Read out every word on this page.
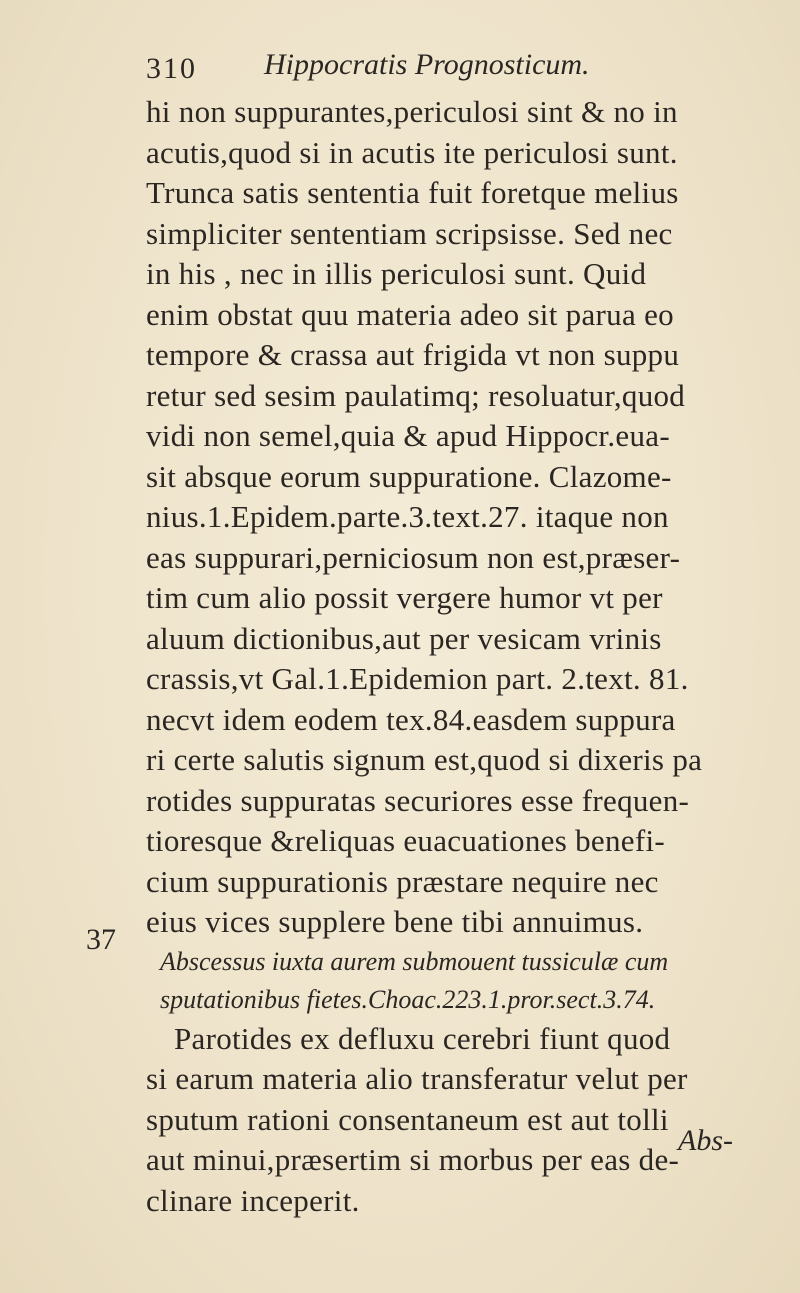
310 Hippocratis Prognosticum.
hi non suppurantes,periculosi sint & no in
acutis,quod si in acutis ite periculosi sunt.
Trunca satis sententia fuit foretque melius
simpliciter sententiam scripsisse. Sed nec
in his , nec in illis periculosi sunt. Quid
enim obstat quu materia adeo sit parua eo
tempore & crassa aut frigida vt non suppu
retur sed sesim paulatimq; resoluatur,quod
vidi non semel,quia & apud Hippocr.eua-
sit absque eorum suppuratione. Clazome-
nius.1.Epidem.parte.3.text.27. itaque non
eas suppurari,perniciosum non est,præser-
tim cum alio possit vergere humor vt per
aluum dictionibus,aut per vesicam vrinis
crassis,vt Gal.1.Epidemion part. 2.text. 81.
necvt idem eodem tex.84.easdem suppura
ri certe salutis signum est,quod si dixeris pa
rotides suppuratas securiores esse frequen-
tioresque &reliquas euacuationes benefi-
cium suppurationis præstare nequire nec
eius vices supplere bene tibi annuimus.
Abscessus iuxta aurem submouent tussiculæ cum
sputationibus fietes.Choac.223.1.pror.sect.3.74.
Parotides ex defluxu cerebri fiunt quod
si earum materia alio transferatur velut per
sputum rationi consentaneum est aut tolli
aut minui,præsertim si morbus per eas de-
clinare inceperit.
37
Abs-
